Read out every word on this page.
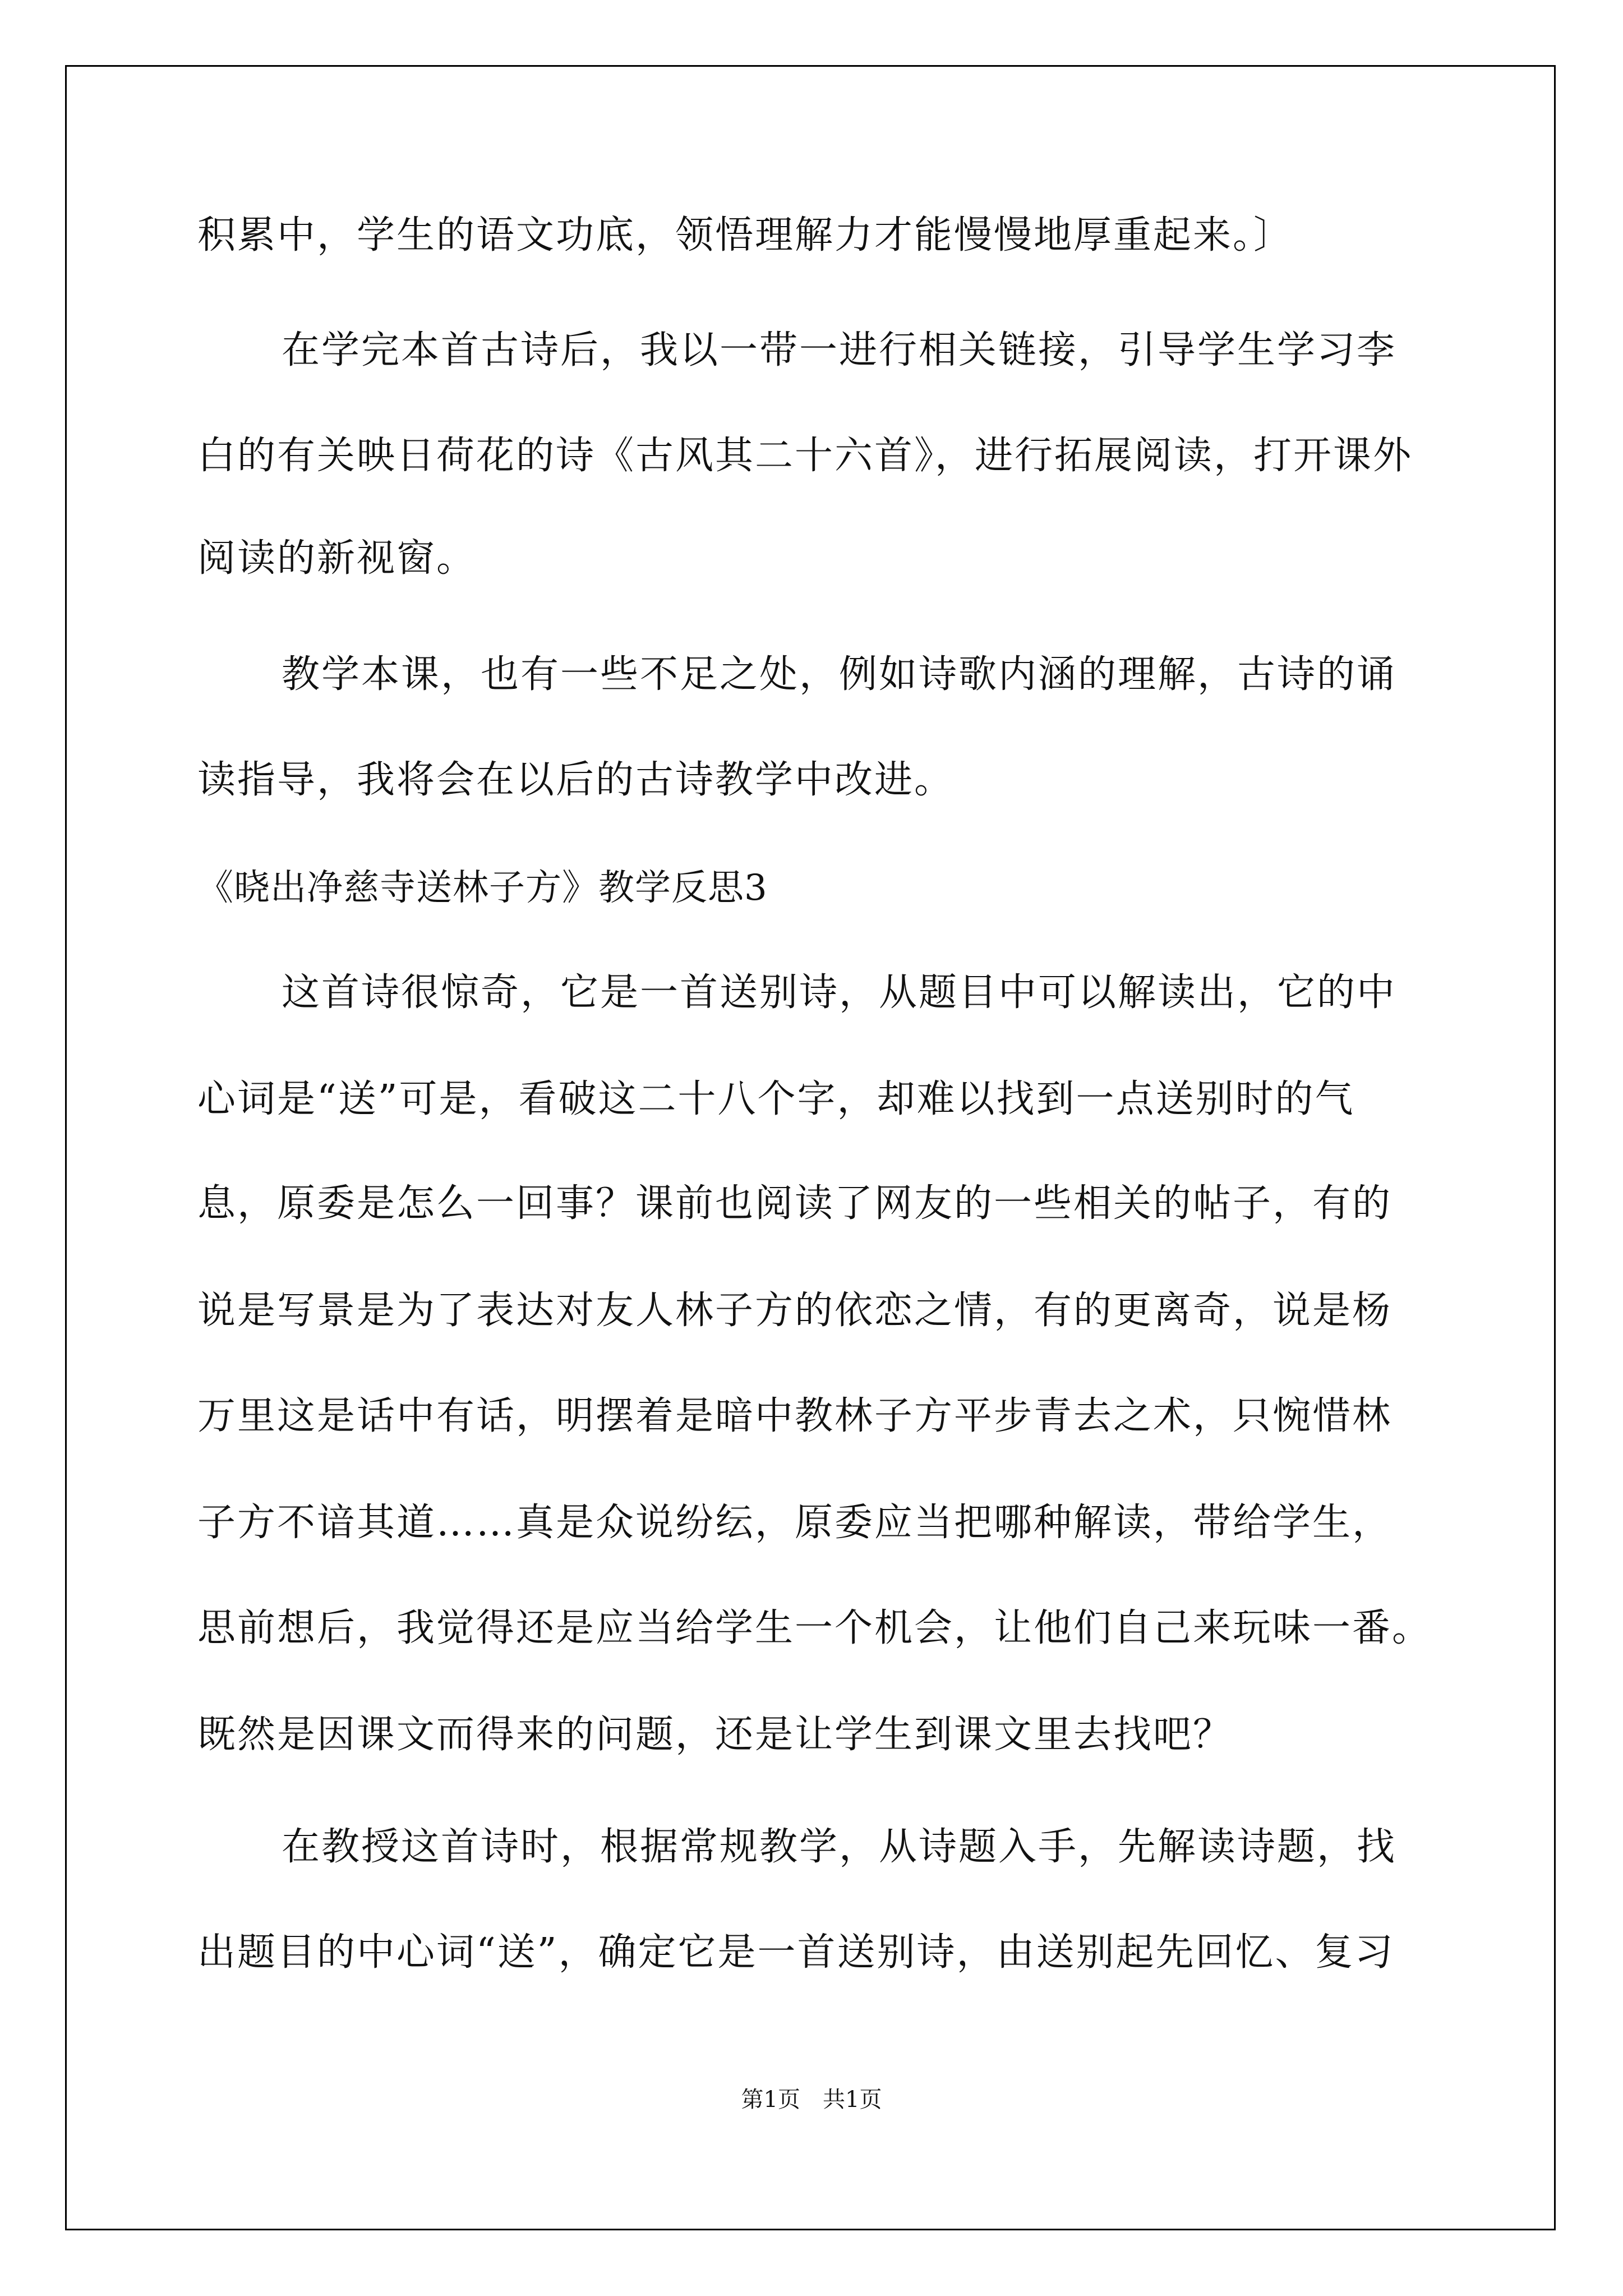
积累中，学生的语文功底，领悟理解力才能慢慢地厚重起来。〕
在学完本首古诗后，我以一带一进行相关链接，引导学生学习李
白的有关映日荷花的诗《古风其二十六首》，进行拓展阅读，打开课外
阅读的新视窗。
教学本课，也有一些不足之处，例如诗歌内涵的理解，古诗的诵
读指导，我将会在以后的古诗教学中改进。
《晓出净慈寺送林子方》教学反思3
这首诗很惊奇，它是一首送别诗，从题目中可以解读出，它的中
心词是“送”可是，看破这二十八个字，却难以找到一点送别时的气
息，原委是怎么一回事？课前也阅读了网友的一些相关的帖子，有的
说是写景是为了表达对友人林子方的依恋之情，有的更离奇，说是杨
万里这是话中有话，明摆着是暗中教林子方平步青去之术，只惋惜林
子方不谙其道……真是众说纷纭，原委应当把哪种解读，带给学生，
思前想后，我觉得还是应当给学生一个机会，让他们自己来玩味一番。
既然是因课文而得来的问题，还是让学生到课文里去找吧？
在教授这首诗时，根据常规教学，从诗题入手，先解读诗题，找
出题目的中心词“送”，确定它是一首送别诗，由送别起先回忆、复习
第1页　共1页
